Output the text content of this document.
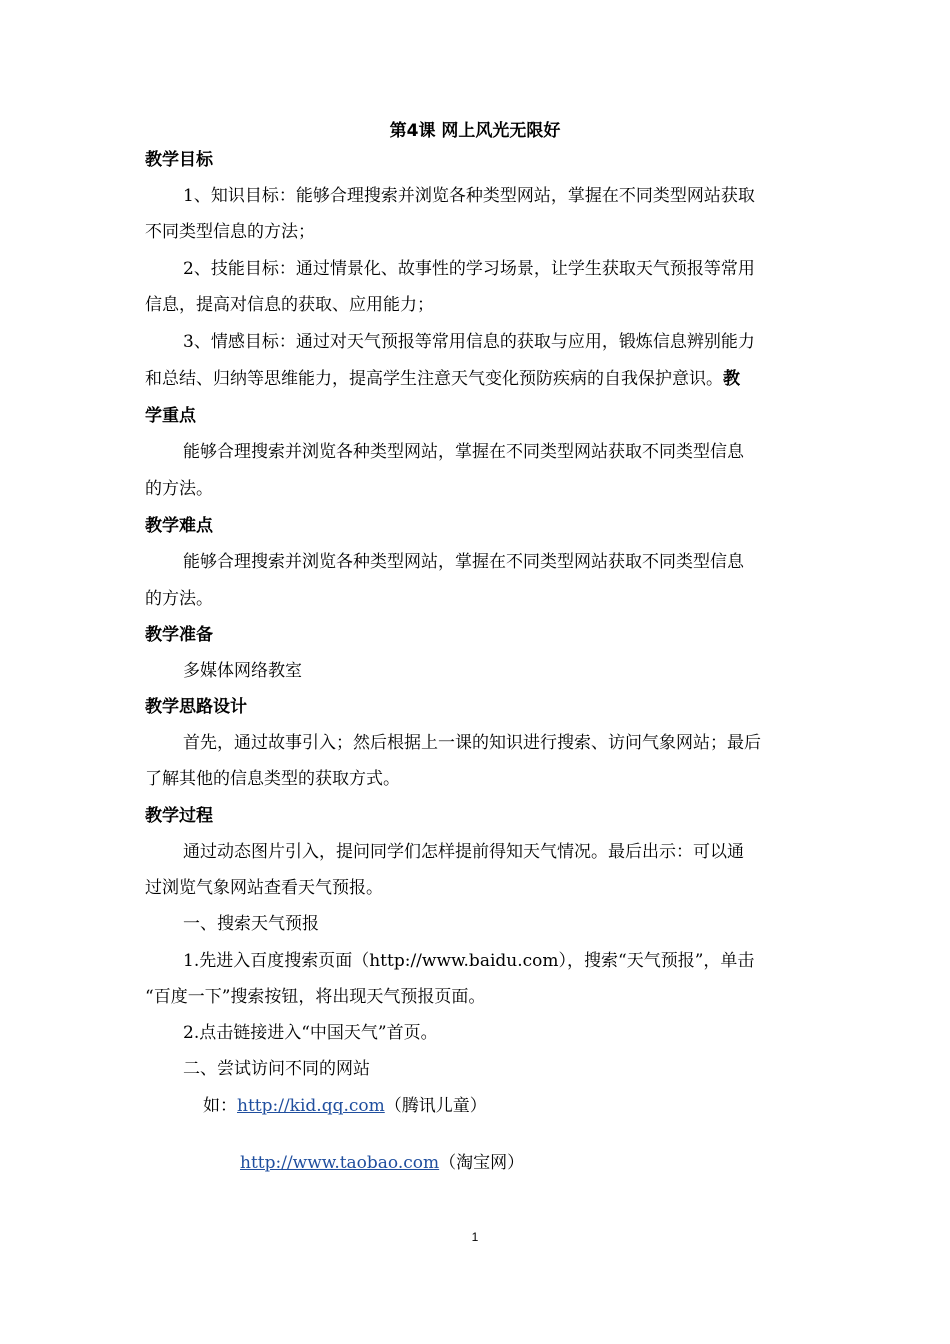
第4课 网上风光无限好
教学目标
1、知识目标：能够合理搜索并浏览各种类型网站，掌握在不同类型网站获取
不同类型信息的方法；
2、技能目标：通过情景化、故事性的学习场景，让学生获取天气预报等常用
信息，提高对信息的获取、应用能力；
3、情感目标：通过对天气预报等常用信息的获取与应用，锻炼信息辨别能力
和总结、归纳等思维能力，提高学生注意天气变化预防疾病的自我保护意识。教
学重点
能够合理搜索并浏览各种类型网站，掌握在不同类型网站获取不同类型信息
的方法。
教学难点
能够合理搜索并浏览各种类型网站，掌握在不同类型网站获取不同类型信息
的方法。
教学准备
多媒体网络教室
教学思路设计
首先，通过故事引入；然后根据上一课的知识进行搜索、访问气象网站；最后
了解其他的信息类型的获取方式。
教学过程
通过动态图片引入，提问同学们怎样提前得知天气情况。最后出示：可以通
过浏览气象网站查看天气预报。
一、搜索天气预报
1.先进入百度搜索页面（http://www.baidu.com），搜索“天气预报”，单击
“百度一下”搜索按钮，将出现天气预报页面。
2.点击链接进入“中国天气”首页。
二、尝试访问不同的网站
如：http://kid.qq.com（腾讯儿童）
http://www.taobao.com（淘宝网）
1
